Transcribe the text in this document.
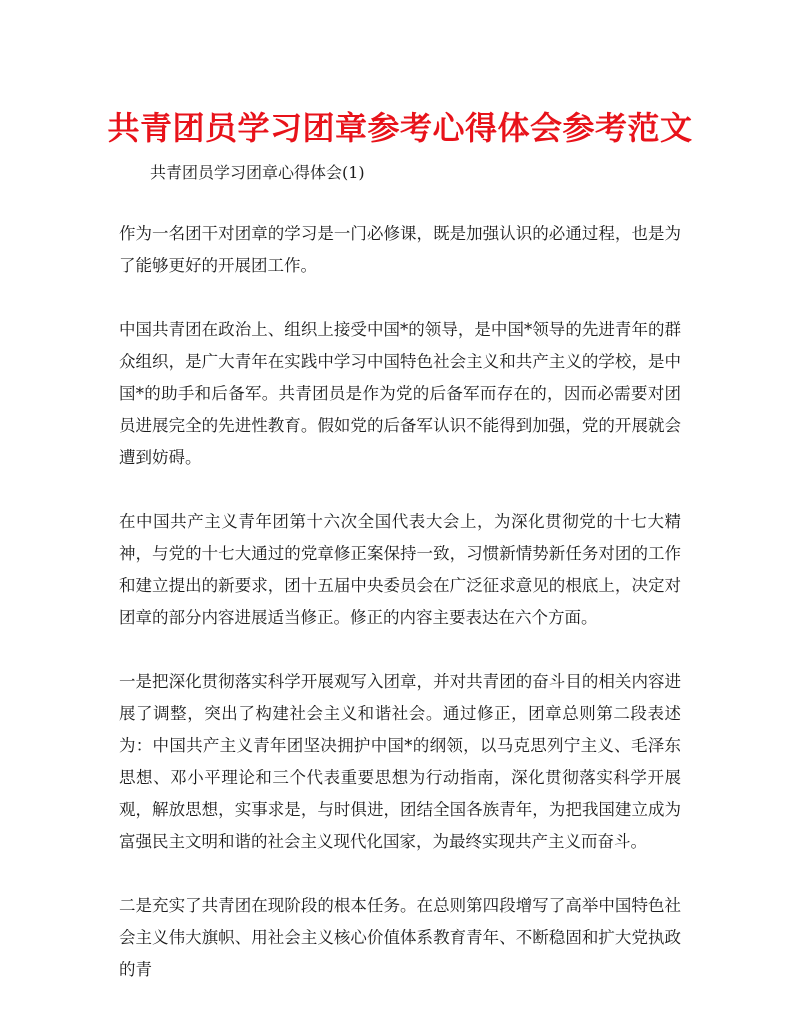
共青团员学习团章参考心得体会参考范文
共青团员学习团章心得体会(1)

作为一名团干对团章的学习是一门必修课，既是加强认识的必通过程，也是为了能够更好的开展团工作。

中国共青团在政治上、组织上接受中国*的领导，是中国*领导的先进青年的群众组织，是广大青年在实践中学习中国特色社会主义和共产主义的学校，是中国*的助手和后备军。共青团员是作为党的后备军而存在的，因而必需要对团员进展完全的先进性教育。假如党的后备军认识不能得到加强，党的开展就会遭到妨碍。

在中国共产主义青年团第十六次全国代表大会上，为深化贯彻党的十七大精神，与党的十七大通过的党章修正案保持一致，习惯新情势新任务对团的工作和建立提出的新要求，团十五届中央委员会在广泛征求意见的根底上，决定对团章的部分内容进展适当修正。修正的内容主要表达在六个方面。

一是把深化贯彻落实科学开展观写入团章，并对共青团的奋斗目的相关内容进展了调整，突出了构建社会主义和谐社会。通过修正，团章总则第二段表述为：中国共产主义青年团坚决拥护中国*的纲领，以马克思列宁主义、毛泽东思想、邓小平理论和三个代表重要思想为行动指南，深化贯彻落实科学开展观，解放思想，实事求是，与时俱进，团结全国各族青年，为把我国建立成为富强民主文明和谐的社会主义现代化国家，为最终实现共产主义而奋斗。

二是充实了共青团在现阶段的根本任务。在总则第四段增写了高举中国特色社会主义伟大旗帜、用社会主义核心价值体系教育青年、不断稳固和扩大党执政的青
